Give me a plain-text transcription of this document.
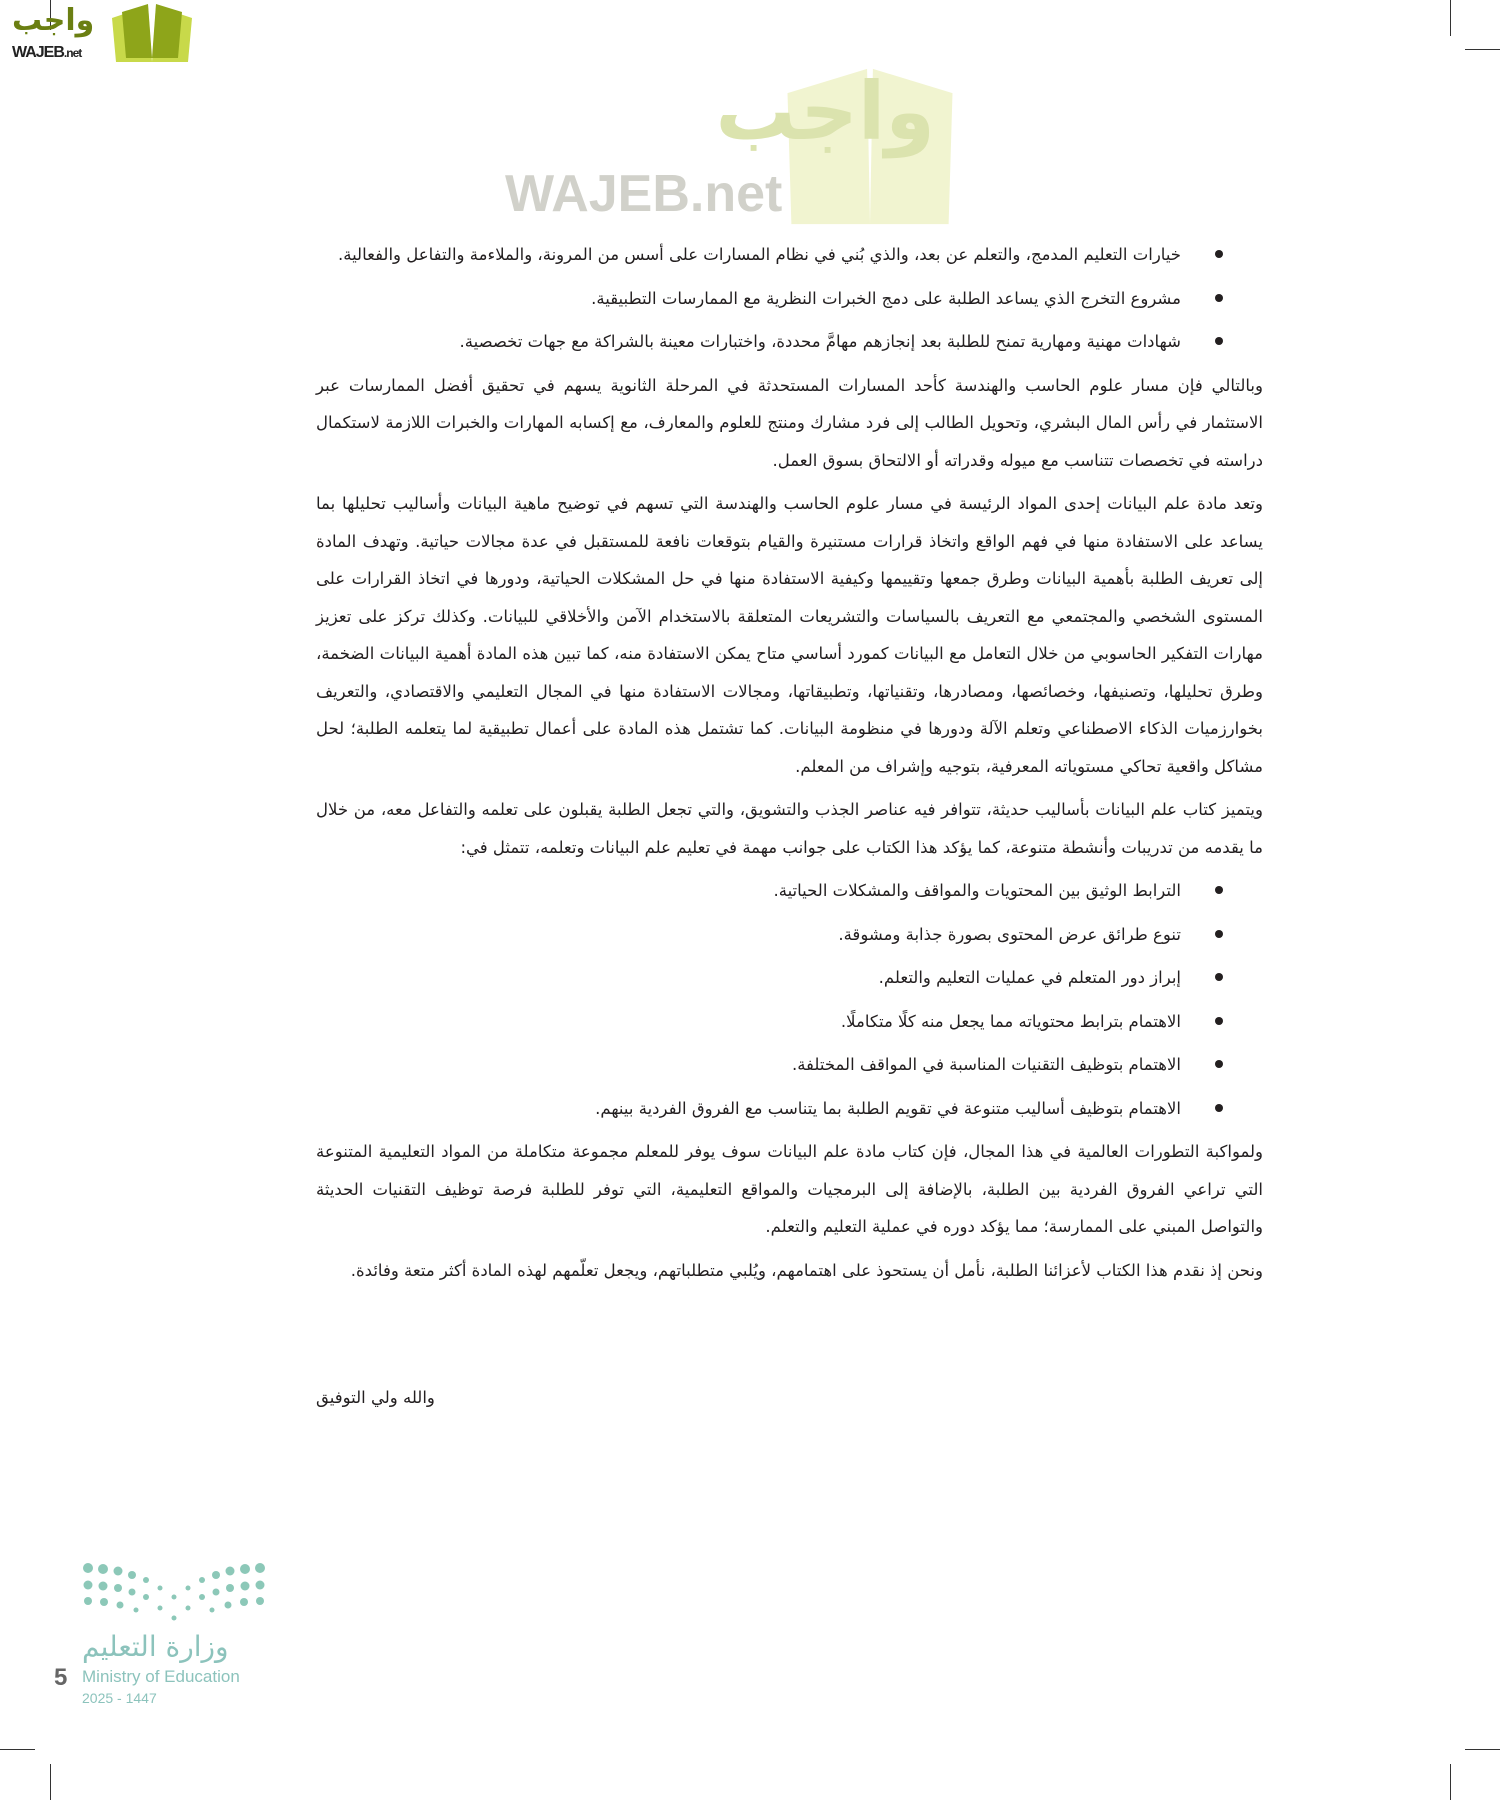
واجب
WAJEB.net
واجب
WAJEB.net
خيارات التعليم المدمج، والتعلم عن بعد، والذي بُني في نظام المسارات على أسس من المرونة، والملاءمة والتفاعل والفعالية.
مشروع التخرج الذي يساعد الطلبة على دمج الخبرات النظرية مع الممارسات التطبيقية.
شهادات مهنية ومهارية تمنح للطلبة بعد إنجازهم مهامَّ محددة، واختبارات معينة بالشراكة مع جهات تخصصية.

وبالتالي فإن مسار علوم الحاسب والهندسة كأحد المسارات المستحدثة في المرحلة الثانوية يسهم في تحقيق أفضل الممارسات عبر الاستثمار في رأس المال البشري، وتحويل الطالب إلى فرد مشارك ومنتج للعلوم والمعارف، مع إكسابه المهارات والخبرات اللازمة لاستكمال دراسته في تخصصات تتناسب مع ميوله وقدراته أو الالتحاق بسوق العمل.

وتعد مادة علم البيانات إحدى المواد الرئيسة في مسار علوم الحاسب والهندسة التي تسهم في توضيح ماهية البيانات وأساليب تحليلها بما يساعد على الاستفادة منها في فهم الواقع واتخاذ قرارات مستنيرة والقيام بتوقعات نافعة للمستقبل في عدة مجالات حياتية. وتهدف المادة إلى تعريف الطلبة بأهمية البيانات وطرق جمعها وتقييمها وكيفية الاستفادة منها في حل المشكلات الحياتية، ودورها في اتخاذ القرارات على المستوى الشخصي والمجتمعي مع التعريف بالسياسات والتشريعات المتعلقة بالاستخدام الآمن والأخلاقي للبيانات. وكذلك تركز على تعزيز مهارات التفكير الحاسوبي من خلال التعامل مع البيانات كمورد أساسي متاح يمكن الاستفادة منه، كما تبين هذه المادة أهمية البيانات الضخمة، وطرق تحليلها، وتصنيفها، وخصائصها، ومصادرها، وتقنياتها، وتطبيقاتها، ومجالات الاستفادة منها في المجال التعليمي والاقتصادي، والتعريف بخوارزميات الذكاء الاصطناعي وتعلم الآلة ودورها في منظومة البيانات. كما تشتمل هذه المادة على أعمال تطبيقية لما يتعلمه الطلبة؛ لحل مشاكل واقعية تحاكي مستوياته المعرفية، بتوجيه وإشراف من المعلم.

ويتميز كتاب علم البيانات بأساليب حديثة، تتوافر فيه عناصر الجذب والتشويق، والتي تجعل الطلبة يقبلون على تعلمه والتفاعل معه، من خلال ما يقدمه من تدريبات وأنشطة متنوعة، كما يؤكد هذا الكتاب على جوانب مهمة في تعليم علم البيانات وتعلمه، تتمثل في:

الترابط الوثيق بين المحتويات والمواقف والمشكلات الحياتية.
تنوع طرائق عرض المحتوى بصورة جذابة ومشوقة.
إبراز دور المتعلم في عمليات التعليم والتعلم.
الاهتمام بترابط محتوياته مما يجعل منه كلًا متكاملًا.
الاهتمام بتوظيف التقنيات المناسبة في المواقف المختلفة.
الاهتمام بتوظيف أساليب متنوعة في تقويم الطلبة بما يتناسب مع الفروق الفردية بينهم.

ولمواكبة التطورات العالمية في هذا المجال، فإن كتاب مادة علم البيانات سوف يوفر للمعلم مجموعة متكاملة من المواد التعليمية المتنوعة التي تراعي الفروق الفردية بين الطلبة، بالإضافة إلى البرمجيات والمواقع التعليمية، التي توفر للطلبة فرصة توظيف التقنيات الحديثة والتواصل المبني على الممارسة؛ مما يؤكد دوره في عملية التعليم والتعلم.

ونحن إذ نقدم هذا الكتاب لأعزائنا الطلبة، نأمل أن يستحوذ على اهتمامهم، ويُلبي متطلباتهم، ويجعل تعلّمهم لهذه المادة أكثر متعة وفائدة.

والله ولي التوفيق
وزارة التعليم
Ministry of Education
2025 - 1447
5
